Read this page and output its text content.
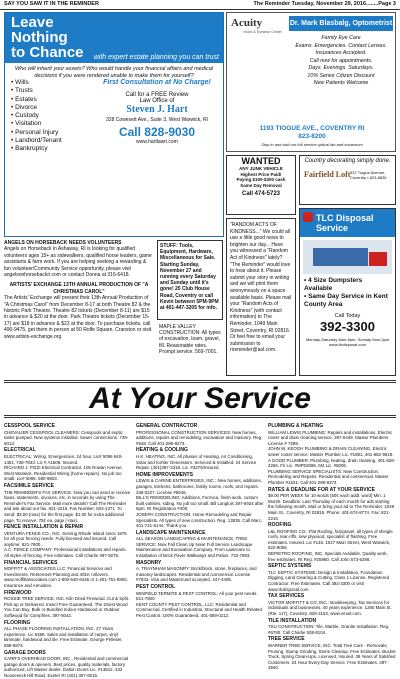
SAY YOU SAW IT IN THE REMINDER	The Reminder Tuesday, November 29, 2016........Page 3
Leave
Nothing
to Chance with expert estate planning you can trust
Who will inherit your assets? Who would handle your financial affairs and medical decisions if you were rendered unable to make them for yourself?
• Wills
• Trusts
• Estates
• Divorce
• Custody
• Visitation
• Personal Injury
• Landlord/Tenant
• Bankruptcy
First Consultation at No Charge!
Call for a FREE Review
Law Office of
Steven J. Hart
328 Cowesett Ave., Suite 3, West Warwick, RI
Call 828-9030
www.hartlawri.com
Acuity
Vision & Eyewear Center
Dr. Mark Blasbalg, Optometrist
Family Eye Care
Exams. Emergencies. Contact Lenses.
Insurances Accepted.
Call now for appointments.
Days. Evenings. Saturdays.
10% Senior Citizen Discount
New Patients Welcome
1193 TIOGUE AVE., COVENTRY RI
823-8200
Stop in and visit our full service optical lab and showroom
WANTED
ANY JUNK VEHICLE
Highest Price Paid!
Paying $100-$300 cash
Same Day Removal
Call 474-5723
Country decorating simply done.
Fairfield Loft 937 Tiogue Avenue, Coventry • 823-8830
"RANDOM ACTS OF KINDNESS..." We could all use a little good news to brighten our day... Have you witnessed a "Random Act of Kindness" lately? "The Reminder" would love to hear about it. Please submit your story in writing and we will print them anonymously on a space available basis. Please mail your "Random Acts of Kindness" (with contact information) to The Reminder, 1049 Main Street, Coventry, RI 02816. Or feel free to email your submission to rireminder@aol.com.
TLC Disposal Service
• 4 Size Dumpsters Available
• Same Day Service in Kent County Area
Call Today
392-3300
Monday-Saturday 8am-5pm, Sunday 9am-3pm www.tlcdisposal.com
ANGELS ON HORSEBACK NEEDS VOLUNTEERS
Angels on Horseback in Ashaway, RI is looking for qualified volunteers ages 15+ as sidewalkers, qualified horse leaders, game assistants & farm work. If you are helping seeking a rewarding & fun volunteer/Community Service opportunity, please visit angelsonhorsebackri.com or contact Donna at 316-6418.
ARTISTS' EXCHANGE 13TH ANNUAL PRODUCTION OF "A CHRISTMAS CAROL"
The Artists' Exchange will present their 13th Annual Production of "A Christmas Carol" from December 8-17 at both Theatre 82 & the historic Park Theatre. Theatre 82 tickets (December 8-11) are $15 in advance & $20 at the door. Park Theatre tickets (December 15-17) are $18 in advance & $22 at the door. To purchase tickets, call 490-9475, get them in person at 50 Rolfe Square, Cranston or visit www.artists-exchange.org
STUFF: Tools, Equipment, Hardware, Miscellaneous for Sale. Starting Sunday, November 27 and running every Saturday and Sunday until it's gone! 25 Club House Road, Coventry or call Kevin between 5PM-9PM at 401-447-3205 for info.
MAPLE VALLEY CONSTRUCTION: All types of excavation, loam, gravel, fill. Reasonable rates, Prompt service. 569-7001.
At Your Service
CESSPOOL SERVICE
CHEVALIER CESSPOOL CLEANERS: Cesspools and septic tanks pumped. New systems installed. Sewer connections. 738-6013.
ELECTRICAL
ELECTRICAL: Wiring. Emergencies. 24 hour. Lic# 5096 840-1451, 738-7933. Lic # A1508. Insured.
RICHARD J. PIZZI Electrical Contractor. 105 Rowan Avenue, West Warwick. Residential Wiring (home repairs). No job too small. Lic# 5096. 580-9803.
FACSIMILE SERVICE
THE REMINDER'S FAX SERVICE. Now you can send or receive faxes, statements, invoices, etc. in seconds by using The Reminder's Fax Service. Mail more details? Call The Reminder and ask about our fax. 821-2216. Fax Number: 823-1371. To Send: $3.00 (max) for the first page. $1.00 for extra additional page. To receive: 75¢ ea. page (+tax).
FENCE INSTALLATION & REPAIR
VENTURA FENCE CO., INC. Serving Rhode Island since 1975 for all your fencing needs. Fully licensed and insured. Call anytime: 821-7800.
A.C. FENCE COMPANY: Professional installations and repairs. All styles of fencing. Free estimates. Call Charlie 397-5076.
FINANCIAL SERVICES
MOFFITT & ASSOCIATES LLC: Financial Services and Investments. Retirement Planning and 401K rollovers. www.moffittassociates.com 1-800-640-6446 or 1-401-751-8800. Insurance and Annuities.
FIREWOOD
ROSSIE TREE SERVICE, INC. Kiln Dried Firewood. Cut & Split. Pick-up or Delivered. Insect Free Guaranteed. The Driest Wood You Can Buy. Bulk or Bundled Indoor Hardwood or Outdoor Softwood for Campfires. 397-5042.
FLOORING
ALL PHASE FLOORING INSTALLATION, INC. 27 Years experience. Lic 6488. Sales and installation of carpet, vinyl laminate, hardwood and tile. Free Estimate. George Pelletier, 598-6873.
GARAGE DOORS
CARR'S OVERHEAD DOOR, INC., Residential and commercial garage doors & openers. Best prices, quality materials, factory authorized, Lift Master dealer. Dalton Doors Lic. #13812. 332 Nooseneck Hill Road, Exeter RI (401) 397-6015.
GENERAL CONTRACTOR
PROFESSIONAL CONSTRUCTION SERVICES: New homes, additions, repairs and remodeling, excavation and masonry. Reg. #548. Call 401-289-9273.
HEATING & COOLING
H.K. HEATING, INC. All phases of Heating, Air Conditioning, Solar and Kohler Generators. Serviced & Installed. 24 Service Repair. (401)397-3318, Lic. #3375/Insured.
HOME IMPROVEMENTS
LEWIS & CARINE ENTERPRISES, INC.: New homes, additions, garages, kitchens, bathrooms, family rooms, roofs, and repairs. 345-0227. License #5646.
BILL'S REMODELING: Additions, Formica, finish work, custom built vanities, siding. No job too small. Bill Langlois 397-6934 after 5pm. RI Registration #408.
JOSEPH CONSTRUCTION: Home Remodeling and Repair Specialists. All types of new construction. Reg. 13835. Call Marc, 401-741-6144, Thank you.
LANDSCAPE MAINTENANCE
ALL SEASON LANDSCAPING & MAINTENANCE, TREE SERVICE: Now Fall Clean Up Now! Full Service Landscape Maintenance and Excavation Company. From Lawncare to Installation of Brick Paver Walkways and Patios. 732-7983.
MASONRY
A. TRAYNHAM MASONRY: Brick/block, stone, fireplaces, and masonry landscapes. Residential and commercial. License #7933. Visa and Mastercard accepted. 447-4405.
PEST CONTROL
WINFIELD TERMITE & PEST CONTROL: All your pest needs. 821-7800.
KENT COUNTY PEST CONTROL, LLC: Residential and Commercial. Certified in Industrial, Structural and Health Related Pest Control. 100% Guaranteed. 401-589-0212.
PLUMBING & HEATING
WILLIAM LEWIS PLUMBING: Repairs and installations. Electric rooter and drain cleaning service. 397-5448. Master Plumbers License # 7289.
JOHN W. KEOGH PLUMBING & DRAIN CLEANING. Electric sewer rooter service. Master Plumber Lic. #1881. 401-862-9619.
A GOOD PLUMBER: Plumbing, heating, drain cleaning. 401-828-2266. Fri Lic. #MP02086, M4 Lic. #5006.
PLUMBING SERVICE SPECIALISTS: New Construction, Remodeling and Repairs. Residential and commercial. Master Plumber #1631. Call 401-289-9373.
RATES & DEADLINE FOR AT YOUR SERVICE
$9.00 PER WEEK for 10 words (50¢ each addl. word) Min. 1 Month. Deadline: Last Thursday of each month for ads starting the following month. Mail or bring your ad to The Reminder, 1049 Main St., Coventry, RI 02816. Phone: 401-574-8774. Fax: 821-2216.
ROOFING
L&L ROOFING CO.: Flat Roofing, fan/gravel, all types of shingle roofs, tear-offs, new plywood, specialist of flashing. Free estimates. Insured. Lic #145. 1027 Main Street, West Warwick, 822-9056.
DEPIETRO ROOFING, INC. Specials Available. Quality work, free estimates. RI Reg. #25960. Call John 573-5298.
SEPTIC SYSTEMS
TLC SEPTIC SYSTEMS: Design & Installation, Foundation Digging, Land Clearing & Cutting, Class 1 License, Registered Contractor. Free Estimates. Call 392-3300 or visit www.tlcdisposal.com
TAX SERVICES
VICTOR MOFFITT & CO, INC.: Bookkeeping, Tax Services for individuals and businesses, 40 years experience. 1290 Main St. (Rte. 117), Coventry. 828-3153, www.vmoit.com.
TILE INSTALLATION
TSU CONSTRUCTION: Tile, Marble, Granite Installation. Reg. #6780. Call Charlie 508-8104.
TREE SERVICE
WARNER TREE SERVICE, INC. Total Tree Care - Removals, Pruning, Stump Grinding, Storm Cleanup. Free Estimates. Bucket Truck. Spring Clean-Ups. Licensed, Insured. 39 Years of Satisfied Customers. 24 Hour Every-Day Service. Free Estimates. 397-3940.
